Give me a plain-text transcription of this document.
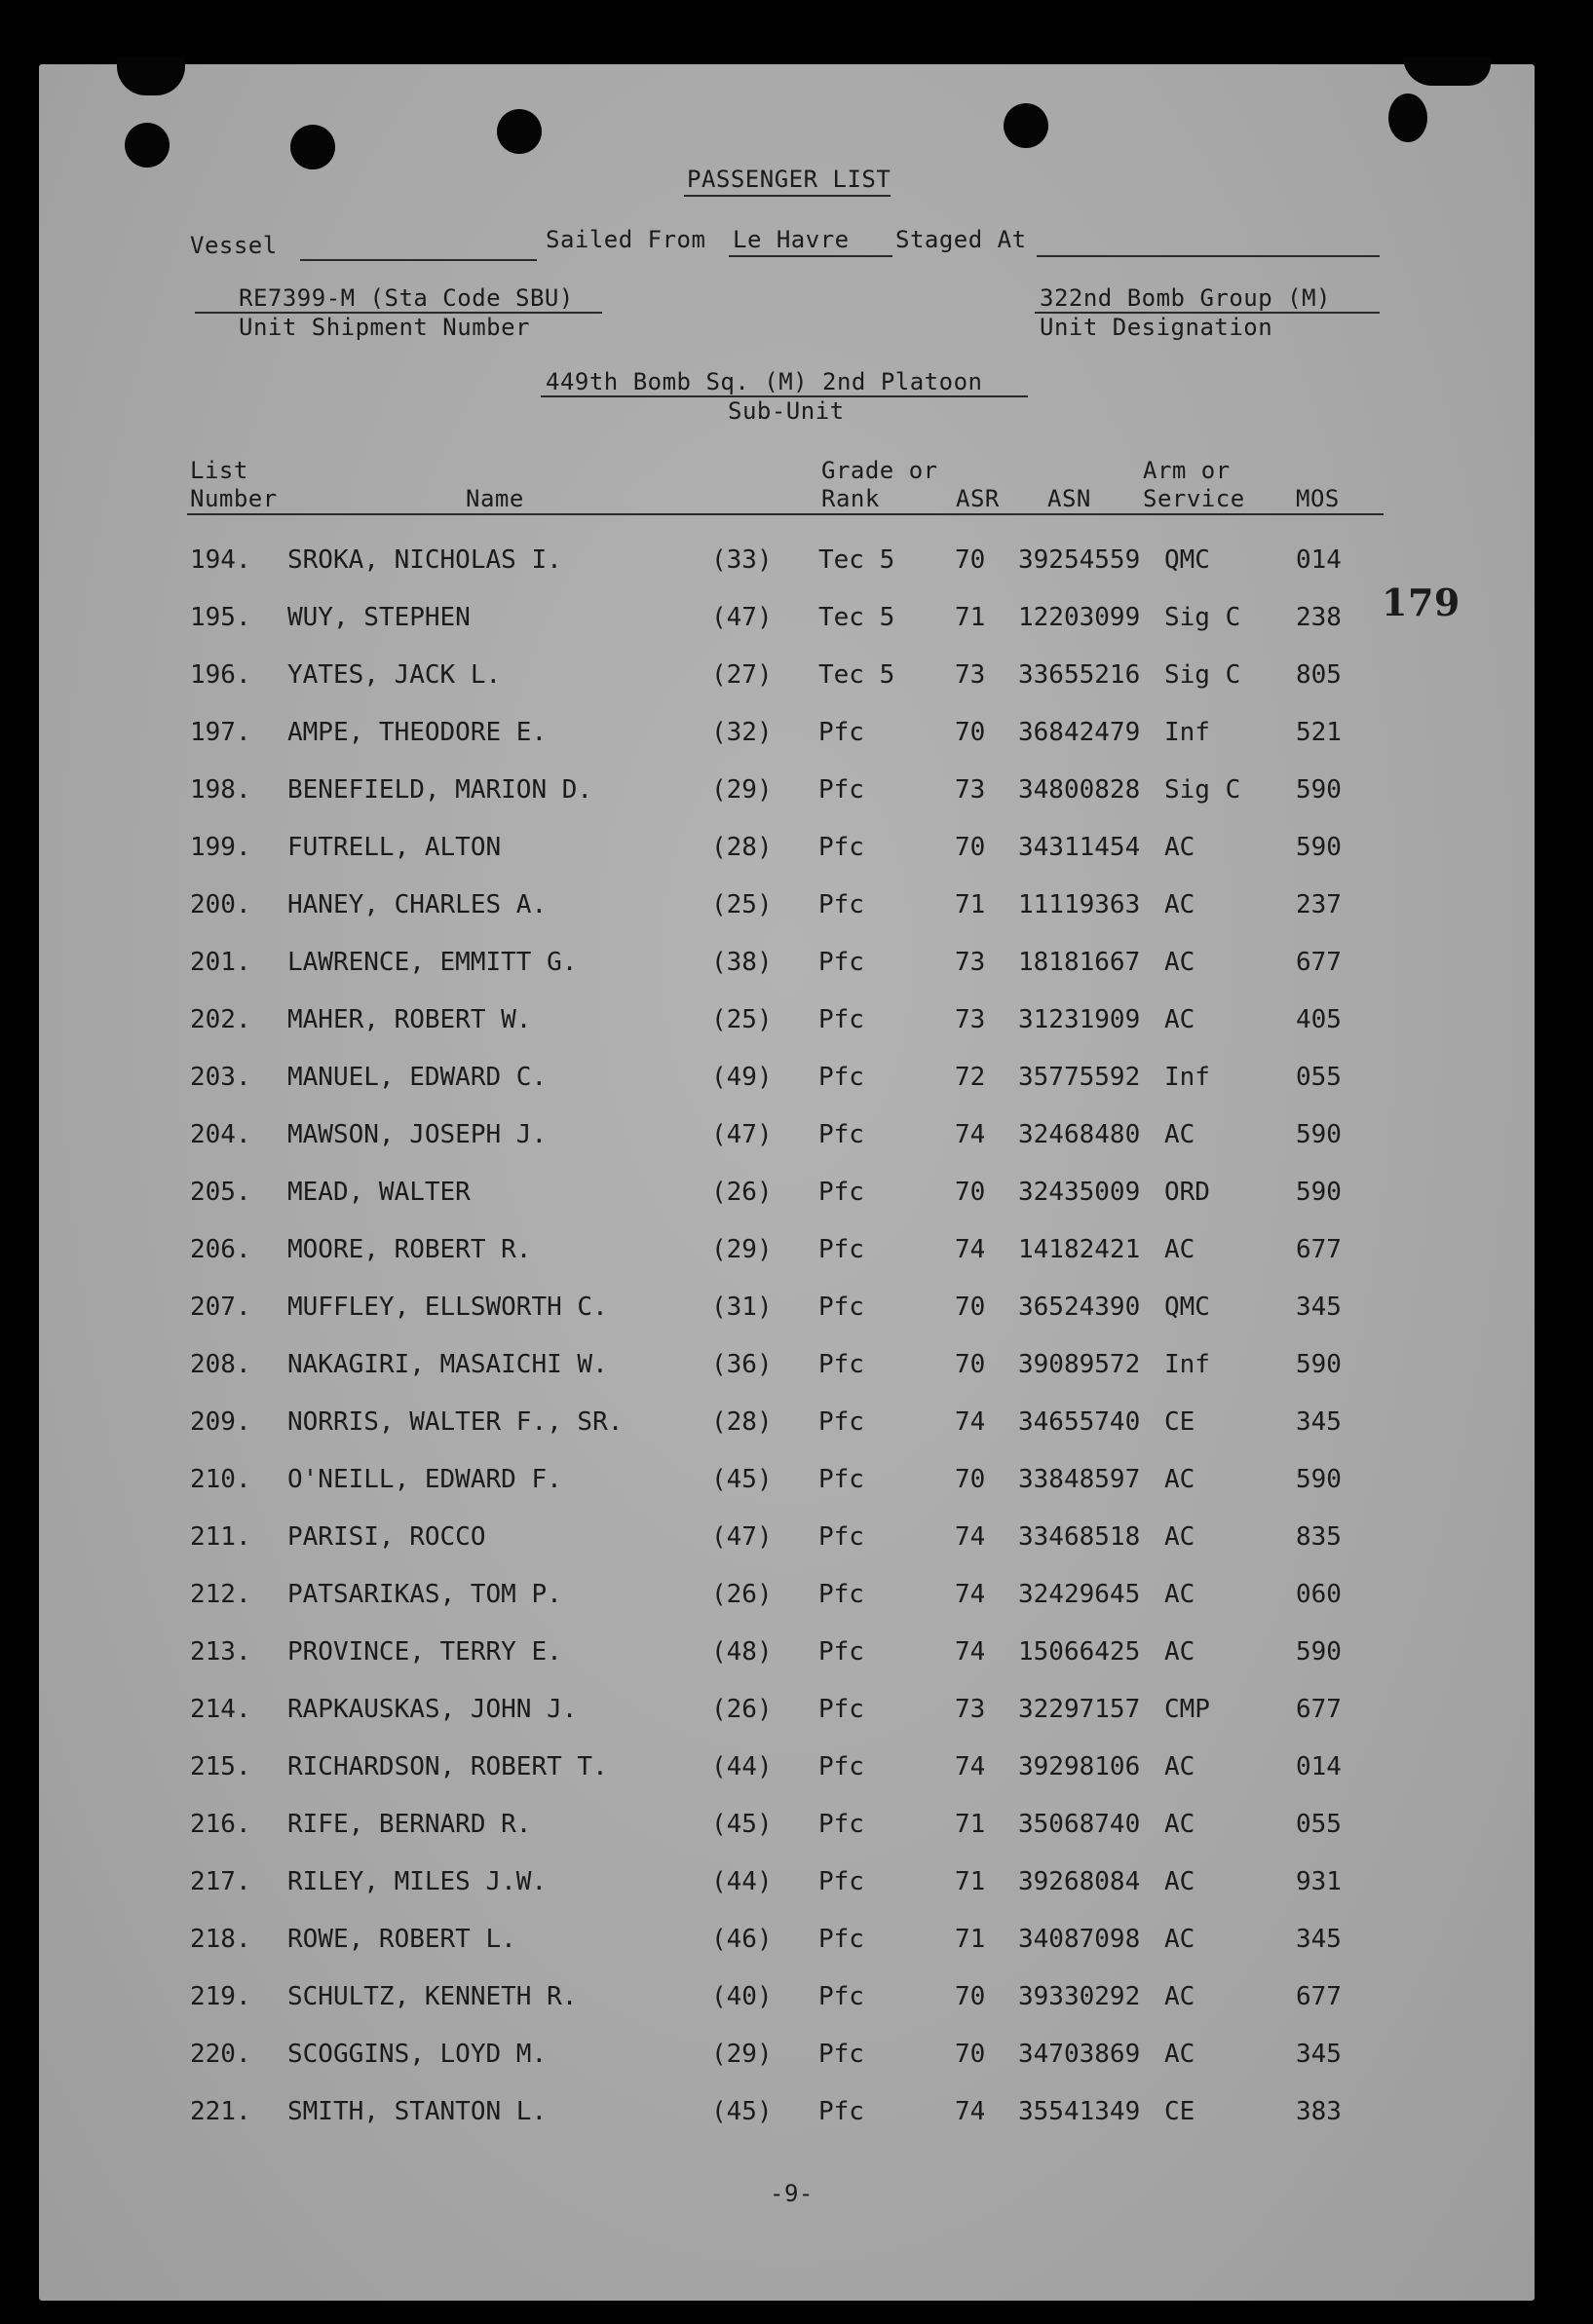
PASSENGER LIST
Vessel	Sailed From Le Havre Staged At
RE7399-M (Sta Code SBU)
Unit Shipment Number
322nd Bomb Group (M)
Unit Designation
449th Bomb Sq. (M) 2nd Platoon
Sub-Unit
List
Number	Name
Grade or
Rank	ASR ASN
Arm or
Service MOS
179
194. SROKA, NICHOLAS I.	(33) Tec 5 70 39254559 QMC	014
195. WUY, STEPHEN	(47) Tec 5 71 12203099 Sig C 238
196. YATES, JACK L.	(27) Tec 5 73 33655216 Sig C 805
197. AMPE, THEODORE E.	(32) Pfc	70 36842479 Inf	521
198. BENEFIELD, MARION D.	(29) Pfc	73 34800828 Sig C 590
199. FUTRELL, ALTON	(28) Pfc	70 34311454 AC	590
200. HANEY, CHARLES A.	(25) Pfc	71 11119363 AC	237
201. LAWRENCE, EMMITT G.	(38) Pfc	73 18181667 AC	677
202. MAHER, ROBERT W.	(25) Pfc	73 31231909 AC	405
203. MANUEL, EDWARD C.	(49) Pfc	72 35775592 Inf	055
204. MAWSON, JOSEPH J.	(47) Pfc	74 32468480 AC	590
205. MEAD, WALTER	(26) Pfc	70 32435009 ORD	590
206. MOORE, ROBERT R.	(29) Pfc	74 14182421 AC	677
207. MUFFLEY, ELLSWORTH C.	(31) Pfc	70 36524390 QMC	345
208. NAKAGIRI, MASAICHI W.	(36) Pfc	70 39089572 Inf	590
209. NORRIS, WALTER F., SR.	(28) Pfc	74 34655740 CE	345
210. O'NEILL, EDWARD F.	(45) Pfc	70 33848597 AC	590
211. PARISI, ROCCO	(47) Pfc	74 33468518 AC	835
212. PATSARIKAS, TOM P.	(26) Pfc	74 32429645 AC	060
213. PROVINCE, TERRY E.	(48) Pfc	74 15066425 AC	590
214. RAPKAUSKAS, JOHN J.	(26) Pfc	73 32297157 CMP	677
215. RICHARDSON, ROBERT T.	(44) Pfc	74 39298106 AC	014
216. RIFE, BERNARD R.	(45) Pfc	71 35068740 AC	055
217. RILEY, MILES J.W.	(44) Pfc	71 39268084 AC	931
218. ROWE, ROBERT L.	(46) Pfc	71 34087098 AC	345
219. SCHULTZ, KENNETH R.	(40) Pfc	70 39330292 AC	677
220. SCOGGINS, LOYD M.	(29) Pfc	70 34703869 AC	345
221. SMITH, STANTON L.	(45) Pfc	74 35541349 CE	383
-9-
